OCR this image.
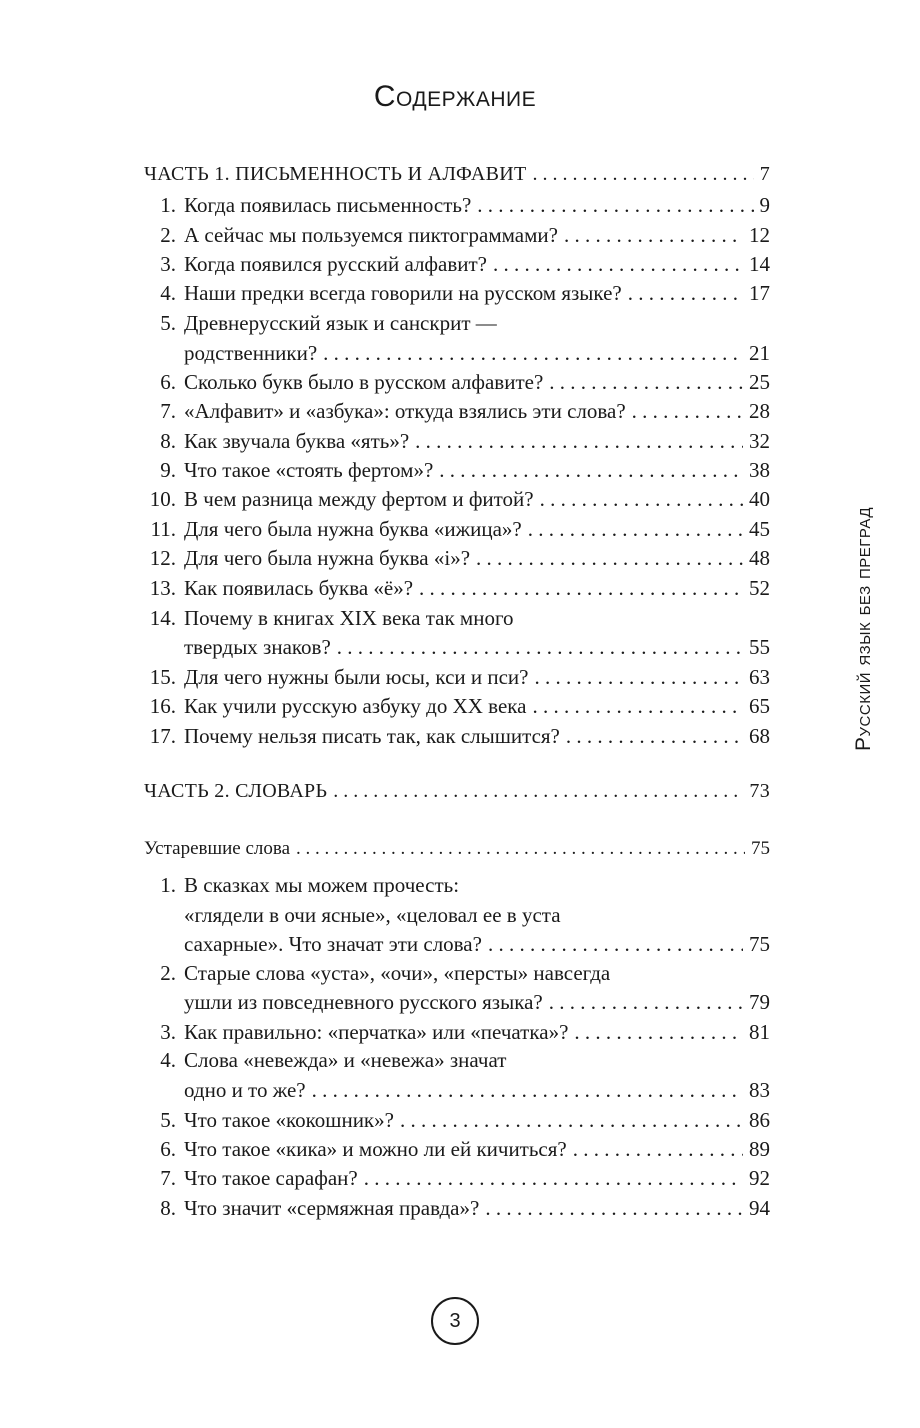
Содержание
ЧАСТЬ 1. ПИСЬМЕННОСТЬ И АЛФАВИТ . . .	7
1. Когда появилась письменность? . . .	9
2. А сейчас мы пользуемся пиктограммами? . . .	12
3. Когда появился русский алфавит? . . .	14
4. Наши предки всегда говорили на русском языке? . . .	17
5. Древнерусский язык и санскрит —
родственники? . . .	21
6. Сколько букв было в русском алфавите? . . .	25
7. «Алфавит» и «азбука»: откуда взялись эти слова? . . .	28
8. Как звучала буква «ять»? . . .	32
9. Что такое «стоять фертом»? . . .	38
10. В чем разница между фертом и фитой? . . .	40
11. Для чего была нужна буква «ижица»? . . .	45
12. Для чего была нужна буква «і»? . . .	48
13. Как появилась буква «ё»? . . .	52
14. Почему в книгах XIX века так много
твердых знаков? . . .	55
15. Для чего нужны были юсы, кси и пси? . . .	63
16. Как учили русскую азбуку до XX века . . .	65
17. Почему нельзя писать так, как слышится? . . .	68
ЧАСТЬ 2. СЛОВАРЬ . . .	73
Устаревшие слова . . .	75
1. В сказках мы можем прочесть:
«глядели в очи ясные», «целовал ее в уста
сахарные». Что значат эти слова? . . .	75
2. Старые слова «уста», «очи», «персты» навсегда
ушли из повседневного русского языка? . . .	79
3. Как правильно: «перчатка» или «печатка»? . . .	81
4. Слова «невежда» и «невежа» значат
одно и то же? . . .	83
5. Что такое «кокошник»? . . .	86
6. Что такое «кика» и можно ли ей кичиться? . . .	89
7. Что такое сарафан? . . .	92
8. Что значит «сермяжная правда»? . . .	94
Русский язык без преград
3
